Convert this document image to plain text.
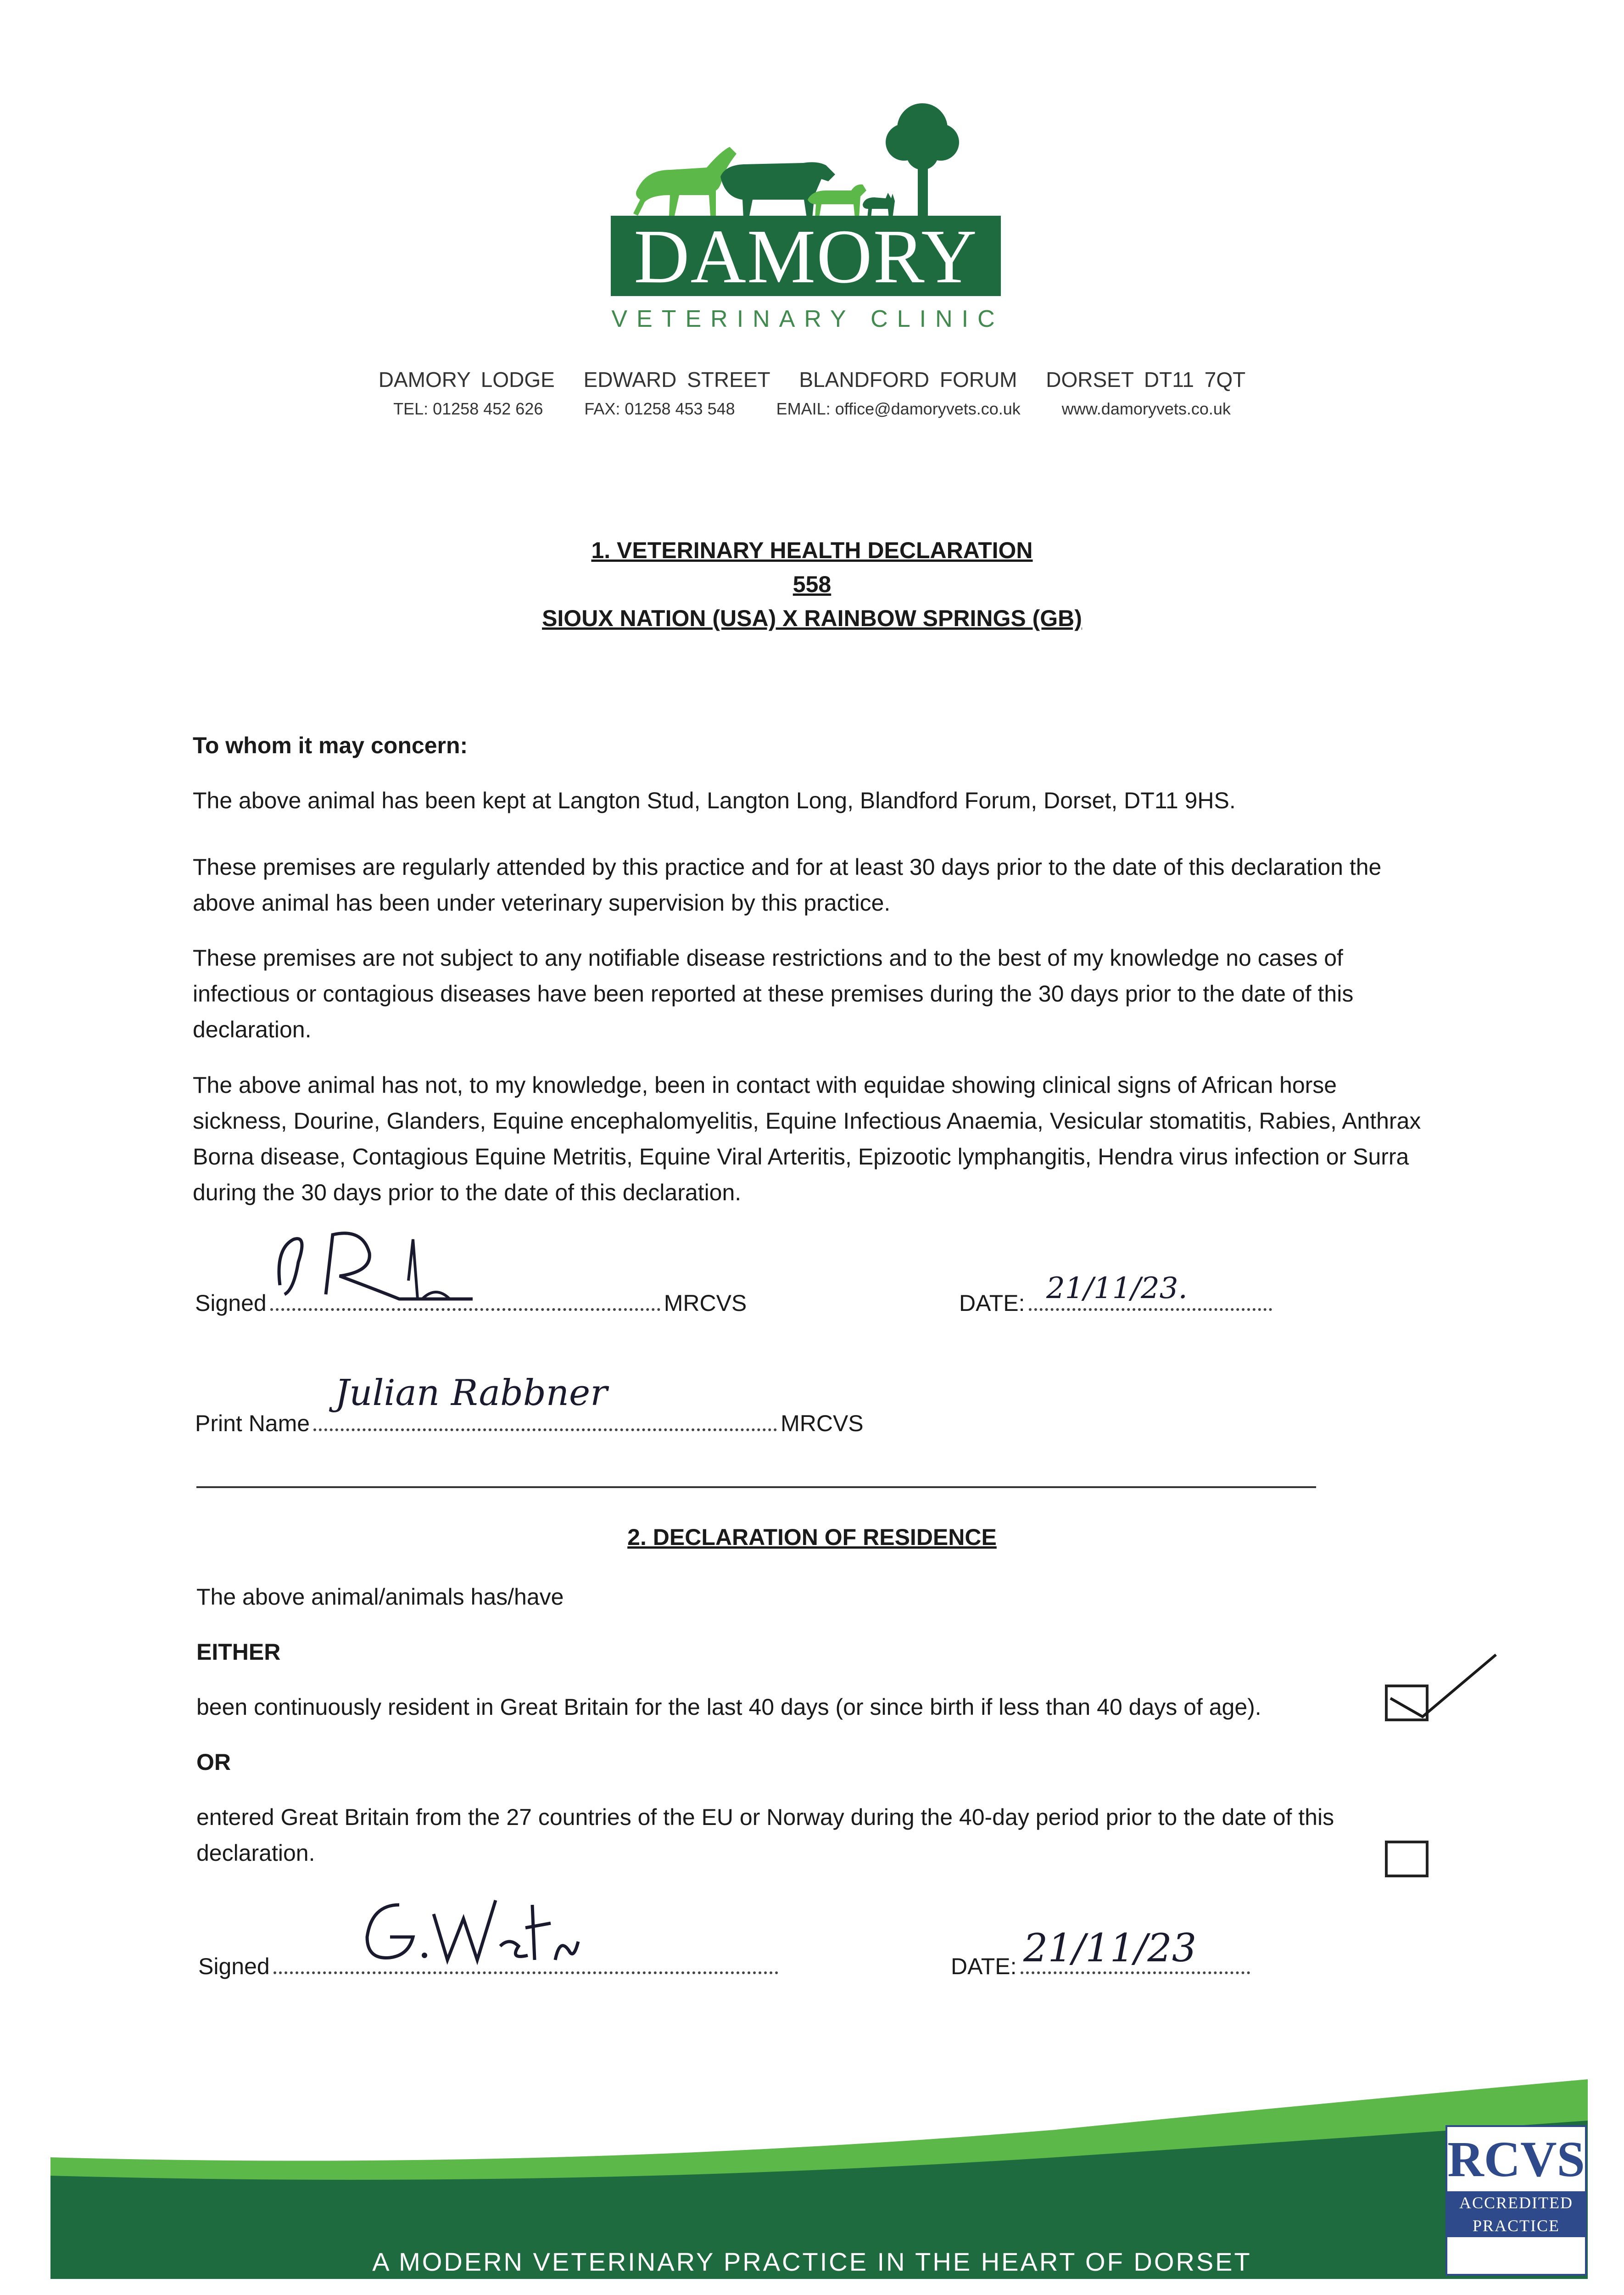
DAMORY
VETERINARY CLINIC
DAMORY LODGE EDWARD STREET BLANDFORD FORUM DORSET DT11 7QT
TEL: 01258 452 626	FAX: 01258 453 548	EMAIL: office@damoryvets.co.uk	www.damoryvets.co.uk
1. VETERINARY HEALTH DECLARATION
558
SIOUX NATION (USA) X RAINBOW SPRINGS (GB)
To whom it may concern:
The above animal has been kept at Langton Stud, Langton Long, Blandford Forum, Dorset, DT11 9HS.
These premises are regularly attended by this practice and for at least 30 days prior to the date of this declaration the above animal has been under veterinary supervision by this practice.
These premises are not subject to any notifiable disease restrictions and to the best of my knowledge no cases of infectious or contagious diseases have been reported at these premises during the 30 days prior to the date of this declaration.
The above animal has not, to my knowledge, been in contact with equidae showing clinical signs of African horse sickness, Dourine, Glanders, Equine encephalomyelitis, Equine Infectious Anaemia, Vesicular stomatitis, Rabies, Anthrax Borna disease, Contagious Equine Metritis, Equine Viral Arteritis, Epizootic lymphangitis, Hendra virus infection or Surra during the 30 days prior to the date of this declaration.
Signed	MRCVS	DATE: 21/11/23.
Print Name	MRCVS
Julian Rabbner
2. DECLARATION OF RESIDENCE
The above animal/animals has/have
EITHER
been continuously resident in Great Britain for the last 40 days (or since birth if less than 40 days of age).
OR
entered Great Britain from the 27 countries of the EU or Norway during the 40-day period prior to the date of this declaration.
Signed	DATE: 21/11/23
A MODERN VETERINARY PRACTICE IN THE HEART OF DORSET
RCVS
ACCREDITED
PRACTICE
